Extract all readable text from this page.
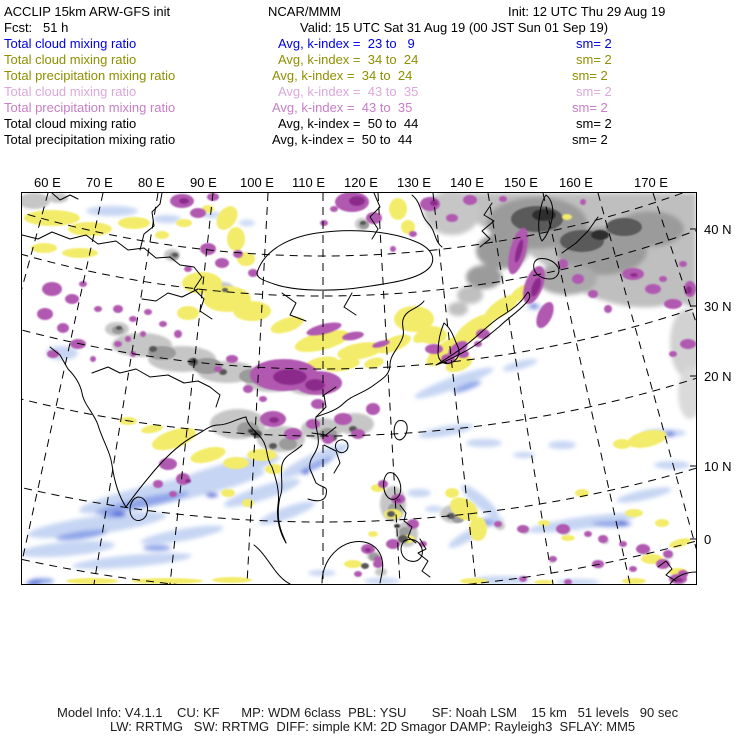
ACCLIP 15km ARW-GFS init	NCAR/MMM	Init: 12 UTC Thu 29 Aug 19
Fcst:   51 h	Valid: 15 UTC Sat 31 Aug 19 (00 JST Sun 01 Sep 19)
Total cloud mixing ratio	Avg, k-index =  23 to   9	sm= 2
Total cloud mixing ratio	Avg, k-index =  34 to  24	sm= 2
Total precipitation mixing ratio	Avg, k-index =  34 to  24	sm= 2
Total cloud mixing ratio	Avg, k-index =  43 to  35	sm= 2
Total precipitation mixing ratio	Avg, k-index =  43 to  35	sm= 2
Total cloud mixing ratio	Avg, k-index =  50 to  44	sm= 2
Total precipitation mixing ratio	Avg, k-index =  50 to  44	sm= 2
60 E 70 E 80 E 90 E 100 E 110 E 120 E 130 E 140 E 150 E 160 E	170 E
40 N
30 N
20 N
10 N
0
Model Info: V4.1.1    CU: KF      MP: WDM 6class  PBL: YSU       SF: Noah LSM    15 km   51 levels   90 sec
LW: RRTMG   SW: RRTMG  DIFF: simple KM: 2D Smagor DAMP: Rayleigh3  SFLAY: MM5
